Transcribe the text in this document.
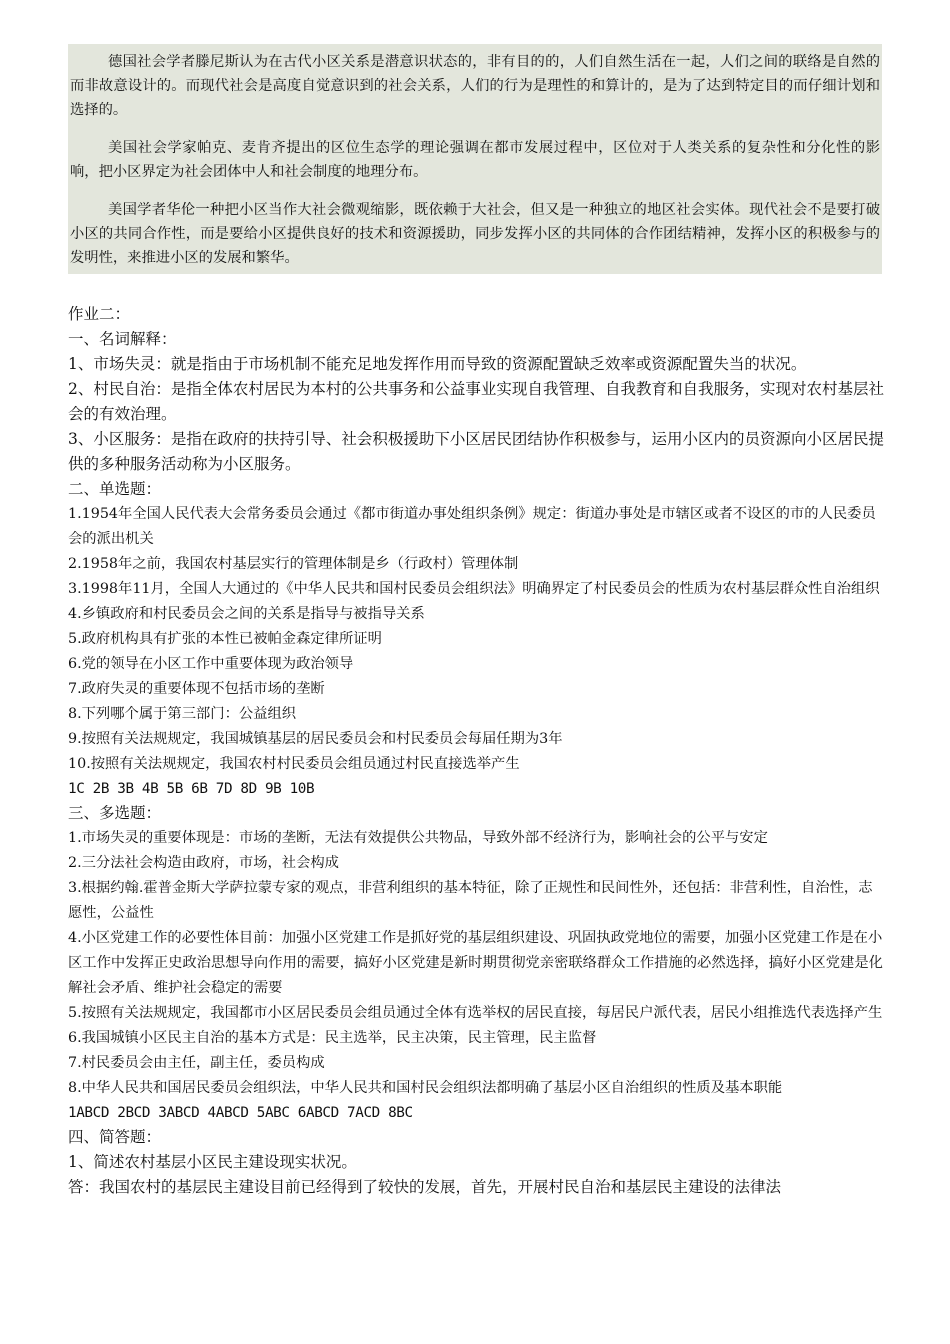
德国社会学者滕尼斯认为在古代小区关系是潜意识状态的，非有目的的，人们自然生活在一起，人们之间的联络是自然的而非故意设计的。而现代社会是高度自觉意识到的社会关系，人们的行为是理性的和算计的，是为了达到特定目的而仔细计划和选择的。

美国社会学家帕克、麦肯齐提出的区位生态学的理论强调在都市发展过程中，区位对于人类关系的复杂性和分化性的影响，把小区界定为社会团体中人和社会制度的地理分布。

美国学者华伦一种把小区当作大社会微观缩影，既依赖于大社会，但又是一种独立的地区社会实体。现代社会不是要打破小区的共同合作性，而是要给小区提供良好的技术和资源援助，同步发挥小区的共同体的合作团结精神，发挥小区的积极参与的发明性，来推进小区的发展和繁华。

作业二：

一、名词解释：

1、市场失灵：就是指由于市场机制不能充足地发挥作用而导致的资源配置缺乏效率或资源配置失当的状况。

2、村民自治：是指全体农村居民为本村的公共事务和公益事业实现自我管理、自我教育和自我服务，实现对农村基层社会的有效治理。

3、小区服务：是指在政府的扶持引导、社会积极援助下小区居民团结协作积极参与，运用小区内的员资源向小区居民提供的多种服务活动称为小区服务。

二、单选题：

1.1954年全国人民代表大会常务委员会通过《都市街道办事处组织条例》规定：街道办事处是市辖区或者不设区的市的人民委员会的派出机关

2.1958年之前，我国农村基层实行的管理体制是乡（行政村）管理体制

3.1998年11月，全国人大通过的《中华人民共和国村民委员会组织法》明确界定了村民委员会的性质为农村基层群众性自治组织

4.乡镇政府和村民委员会之间的关系是指导与被指导关系

5.政府机构具有扩张的本性已被帕金森定律所证明

6.党的领导在小区工作中重要体现为政治领导

7.政府失灵的重要体现不包括市场的垄断

8.下列哪个属于第三部门：公益组织

9.按照有关法规规定，我国城镇基层的居民委员会和村民委员会每届任期为3年

10.按照有关法规规定，我国农村村民委员会组员通过村民直接选举产生

1C 2B 3B 4B 5B 6B 7D 8D 9B 10B

三、多选题：

1.市场失灵的重要体现是：市场的垄断，无法有效提供公共物品，导致外部不经济行为，影响社会的公平与安定

2.三分法社会构造由政府，市场，社会构成

3.根据约翰.霍普金斯大学萨拉蒙专家的观点，非营利组织的基本特征，除了正规性和民间性外，还包括：非营利性，自治性，志愿性，公益性

4.小区党建工作的必要性体目前：加强小区党建工作是抓好党的基层组织建设、巩固执政党地位的需要，加强小区党建工作是在小区工作中发挥正史政治思想导向作用的需要，搞好小区党建是新时期贯彻党亲密联络群众工作措施的必然选择，搞好小区党建是化解社会矛盾、维护社会稳定的需要

5.按照有关法规规定，我国都市小区居民委员会组员通过全体有选举权的居民直接，每居民户派代表，居民小组推选代表选择产生

6.我国城镇小区民主自治的基本方式是：民主选举，民主决策，民主管理，民主监督

7.村民委员会由主任，副主任，委员构成

8.中华人民共和国居民委员会组织法，中华人民共和国村民会组织法都明确了基层小区自治组织的性质及基本职能

1ABCD 2BCD 3ABCD 4ABCD 5ABC 6ABCD 7ACD 8BC

四、简答题：

1、简述农村基层小区民主建设现实状况。

答：我国农村的基层民主建设目前已经得到了较快的发展，首先，开展村民自治和基层民主建设的法律法
